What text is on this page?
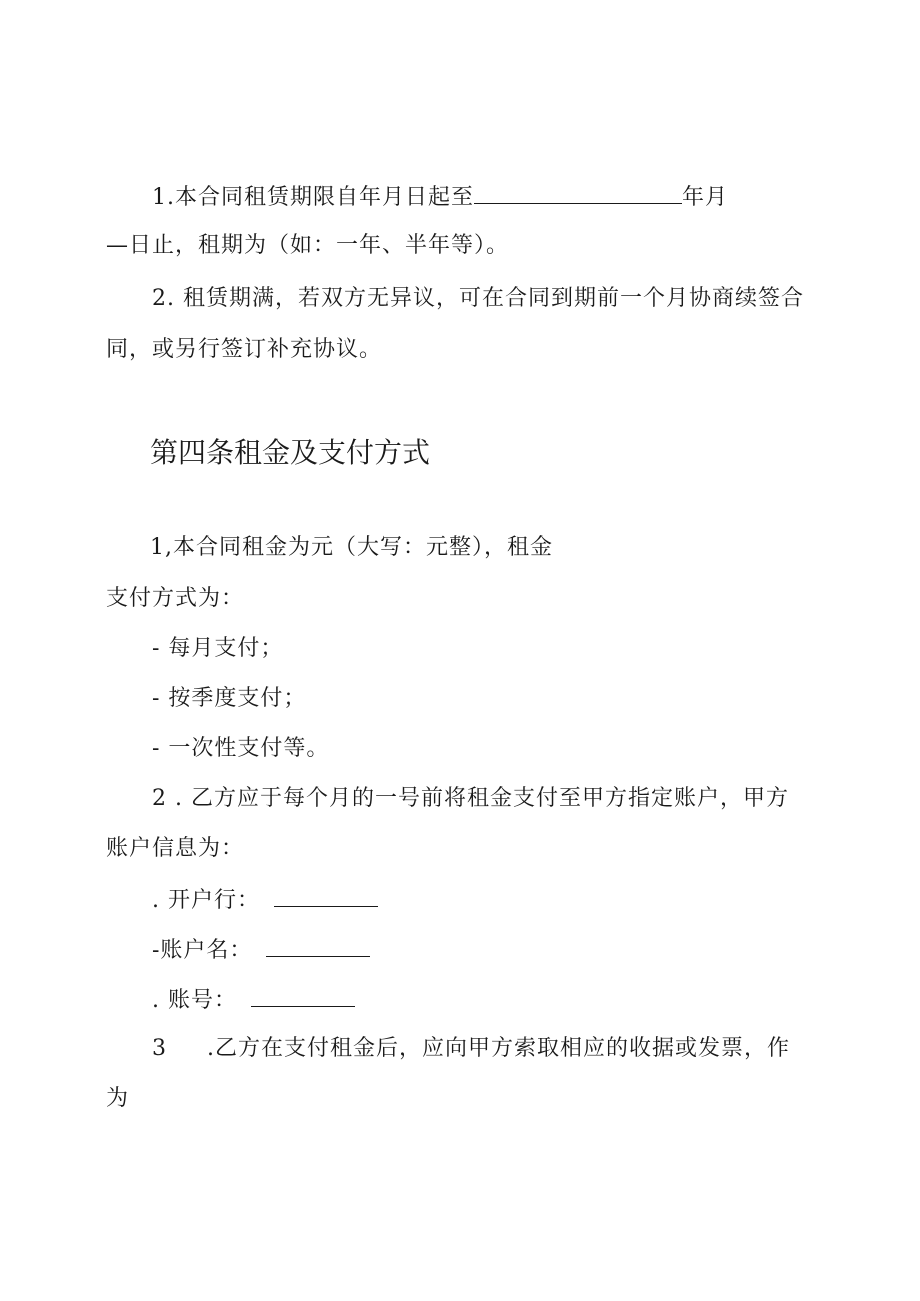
1.本合同租赁期限自年月日起至	年月
—日止，租期为（如：一年、半年等）。
2. 租赁期满，若双方无异议，可在合同到期前一个月协商续签合
同，或另行签订补充协议。
第四条租金及支付方式
1,本合同租金为元（大写：元整），租金
支付方式为：
- 每月支付；
- 按季度支付；
- 一次性支付等。
2 . 乙方应于每个月的一号前将租金支付至甲方指定账户，甲方
账户信息为：
. 开户行：
-账户名：
. 账号：
3 .乙方在支付租金后，应向甲方索取相应的收据或发票，作
为
